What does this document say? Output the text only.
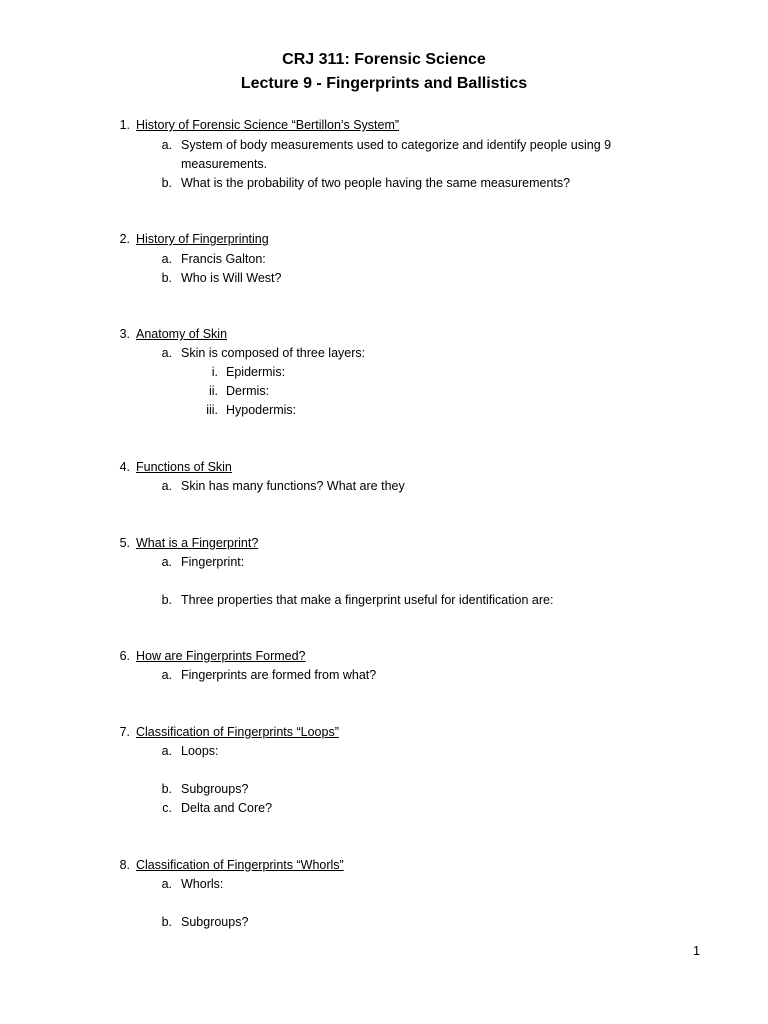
CRJ 311: Forensic Science
Lecture 9 - Fingerprints and Ballistics
1. History of Forensic Science “Bertillon’s System”
a. System of body measurements used to categorize and identify people using 9
measurements.
b. What is the probability of two people having the same measurements?
2. History of Fingerprinting
a. Francis Galton:
b. Who is Will West?
3. Anatomy of Skin
a. Skin is composed of three layers:
i. Epidermis:
ii. Dermis:
iii. Hypodermis:
4. Functions of Skin
a. Skin has many functions? What are they
5. What is a Fingerprint?
a. Fingerprint:
b. Three properties that make a fingerprint useful for identification are:
6. How are Fingerprints Formed?
a. Fingerprints are formed from what?
7. Classification of Fingerprints “Loops”
a. Loops:
b. Subgroups?
c. Delta and Core?
8. Classification of Fingerprints “Whorls”
a. Whorls:
b. Subgroups?
1
